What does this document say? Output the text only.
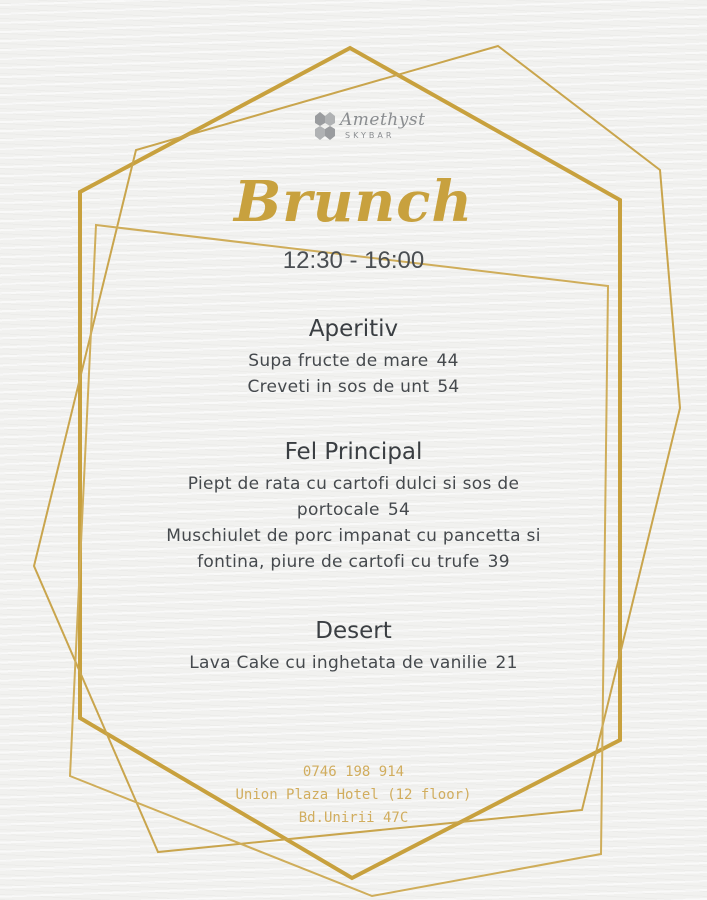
Amethyst
SKYBAR
Brunch
12:30 - 16:00
Aperitiv
Supa fructe de mare 44
Creveti in sos de unt 54
Fel Principal
Piept de rata cu cartofi dulci si sos de portocale 54
Muschiulet de porc impanat cu pancetta si fontina, piure de cartofi cu trufe 39
Desert
Lava Cake cu inghetata de vanilie 21
0746 198 914
Union Plaza Hotel (12 floor)
Bd.Unirii 47C
